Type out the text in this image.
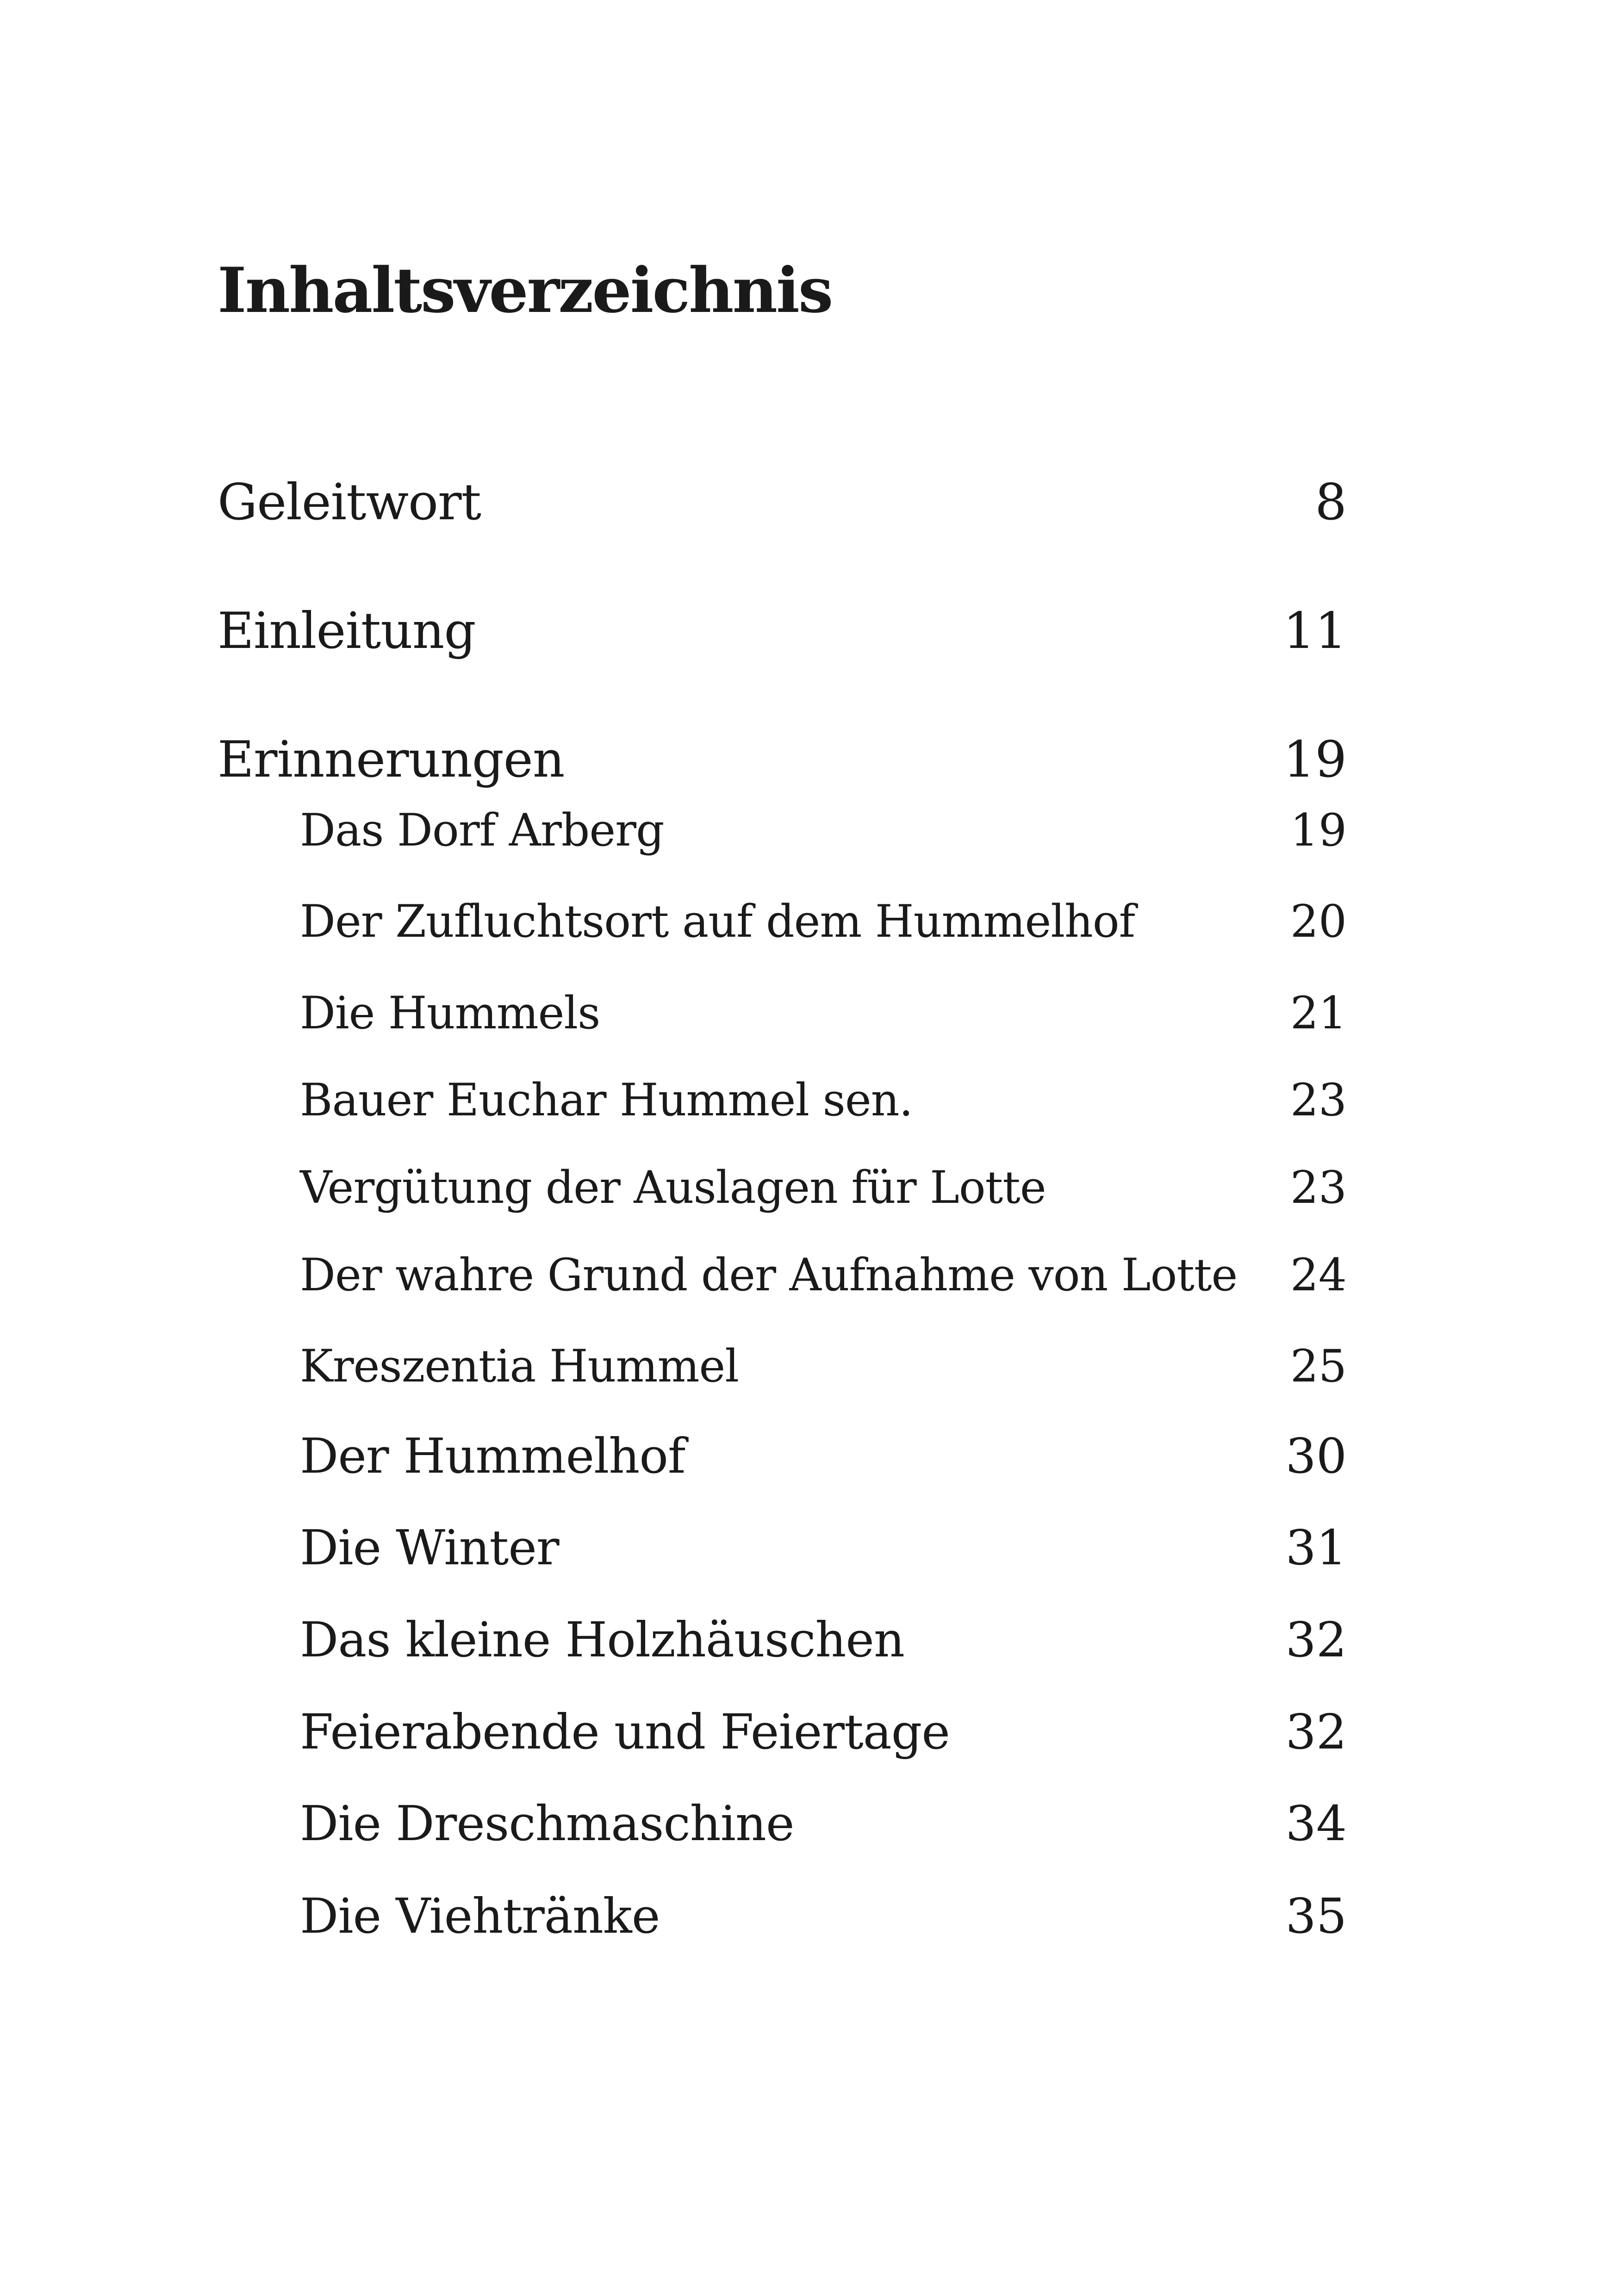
Inhaltsverzeichnis
Geleitwort	8
Einleitung	11
Erinnerungen	19
Das Dorf Arberg	19
Der Zufluchtsort auf dem Hummelhof	20
Die Hummels	21
Bauer Euchar Hummel sen.	23
Vergütung der Auslagen für Lotte	23
Der wahre Grund der Aufnahme von Lotte 24
Kreszentia Hummel	25
Der Hummelhof	30
Die Winter	31
Das kleine Holzhäuschen	32
Feierabende und Feiertage	32
Die Dreschmaschine	34
Die Viehtränke	35
